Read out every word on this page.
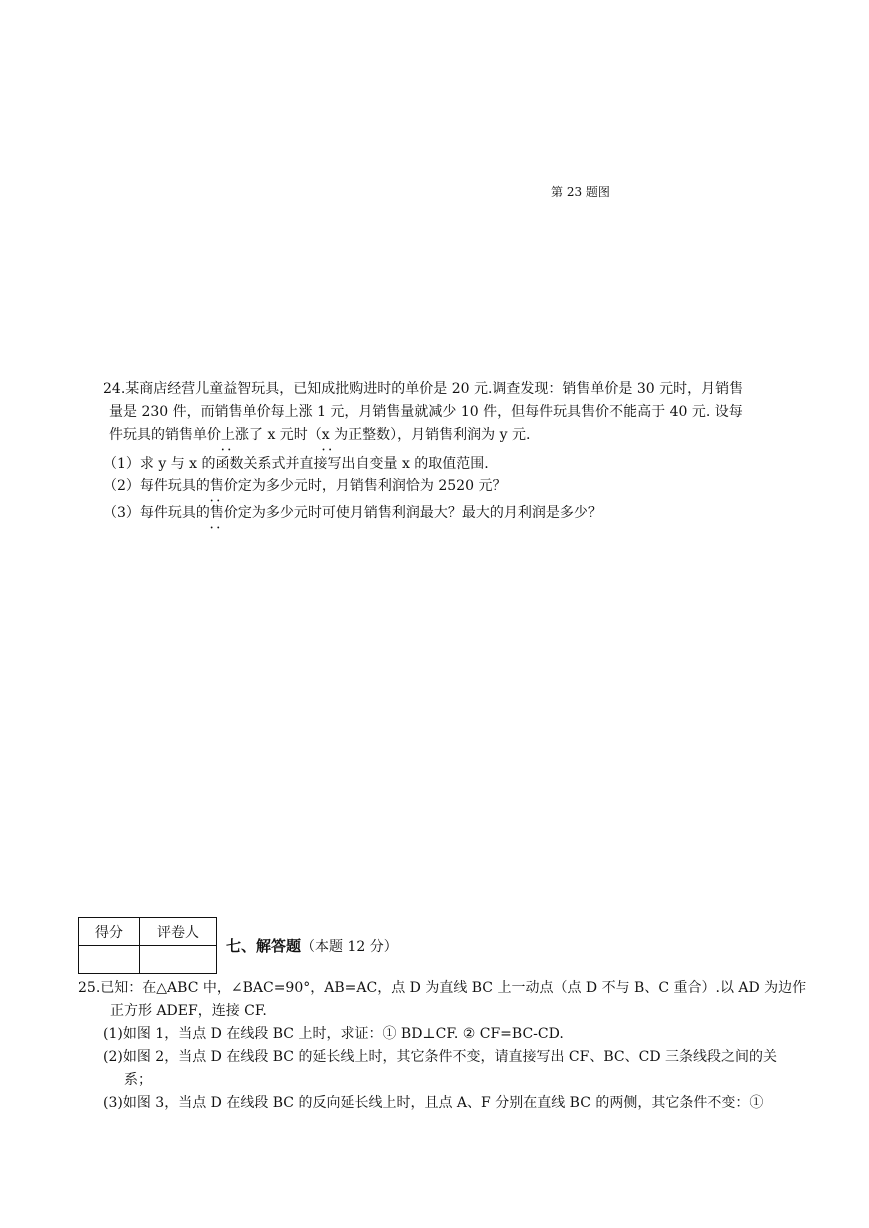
第 23 题图
24.某商店经营儿童益智玩具，已知成批购进时的单价是 20 元.调查发现：销售单价是 30 元时，月销售
量是 230 件，而销售单价每上涨 1 元，月销售量就减少 10 件，但每件玩具售价不能高于 40 元. 设每
件玩具的销售单价上涨 • •了 x 元时（x 为正整数 • •），月销售利润为 y 元.
（1）求 y 与 x 的函数关系式并直接写出自变量 x 的取值范围.
（2）每件玩具的售价 • •定为多少元时，月销售利润恰为 2520 元？
（3）每件玩具的售价 • •定为多少元时可使月销售利润最大？最大的月利润是多少？
得分	评卷人

七、解答题（本题 12 分）
25.已知：在△ABC 中，∠BAC=90°，AB=AC，点 D 为直线 BC 上一动点（点 D 不与 B、C 重合）.以 AD 为边作
正方形 ADEF，连接 CF.
(1)如图 1，当点 D 在线段 BC 上时，求证：① BD⊥CF. ② CF=BC-CD.
(2)如图 2，当点 D 在线段 BC 的延长线上时，其它条件不变，请直接写出 CF、BC、CD 三条线段之间的关
系；
(3)如图 3，当点 D 在线段 BC 的反向延长线上时，且点 A、F 分别在直线 BC 的两侧，其它条件不变：①
